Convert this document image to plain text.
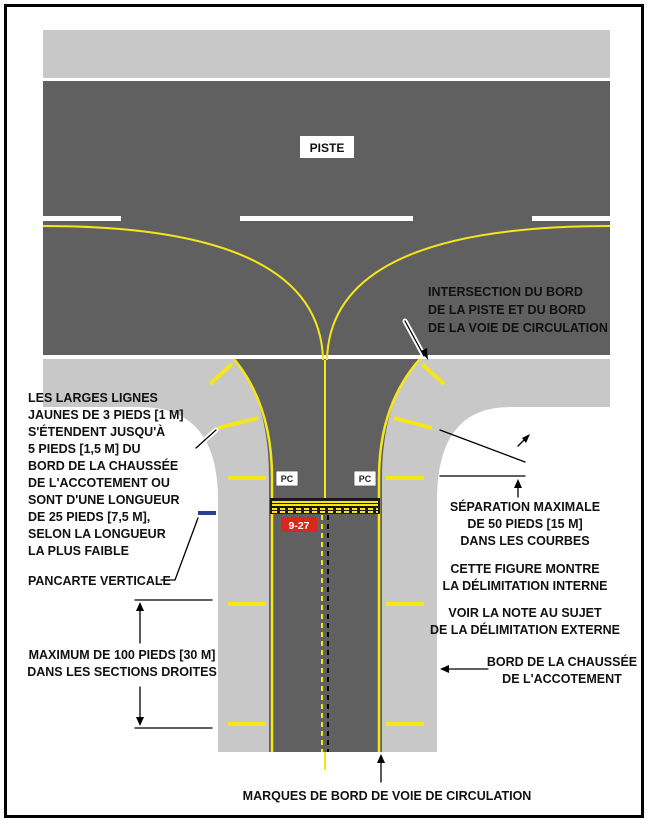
PC	PC
9-27
PISTE
INTERSECTION DU BORD
DE LA PISTE ET DU BORD
DE LA VOIE DE CIRCULATION
LES LARGES LIGNES
JAUNES DE 3 PIEDS [1 M]
S'ÉTENDENT JUSQU'À
5 PIEDS [1,5 M] DU
BORD DE LA CHAUSSÉE
DE L'ACCOTEMENT OU
SONT D'UNE LONGUEUR
DE 25 PIEDS [7,5 M],
SELON LA LONGUEUR
LA PLUS FAIBLE
PANCARTE VERTICALE
SÉPARATION MAXIMALE
DE 50 PIEDS [15 M]
DANS LES COURBES
CETTE FIGURE MONTRE
LA DÉLIMITATION INTERNE
VOIR LA NOTE AU SUJET
DE LA DÉLIMITATION EXTERNE
MAXIMUM DE 100 PIEDS [30 M]
DANS LES SECTIONS DROITES
BORD DE LA CHAUSSÉE
DE L'ACCOTEMENT
MARQUES DE BORD DE VOIE DE CIRCULATION
